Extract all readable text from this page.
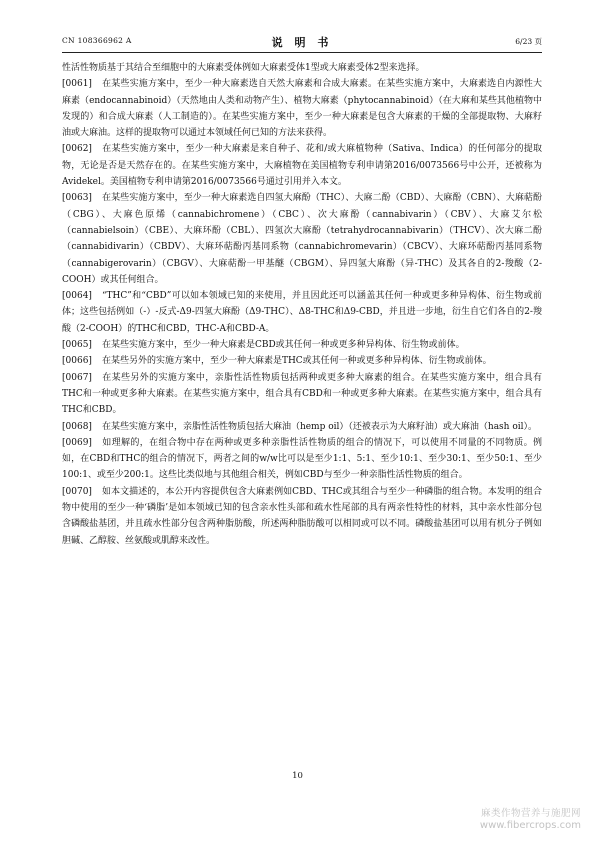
CN 108366962 A	说 明 书	6/23 页

性活性物质基于其结合至细胞中的大麻素受体例如大麻素受体1型或大麻素受体2型来选择。

[0061] 在某些实施方案中，至少一种大麻素选自天然大麻素和合成大麻素。在某些实施方案中，大麻素选自内源性大麻素（endocannabinoid）（天然地由人类和动物产生）、植物大麻素（phytocannabinoid）（在大麻和某些其他植物中发现的）和合成大麻素（人工制造的）。在某些实施方案中，至少一种大麻素是包含大麻素的干燥的全部提取物、大麻籽油或大麻油。这样的提取物可以通过本领域任何已知的方法来获得。

[0062] 在某些实施方案中，至少一种大麻素是来自种子、花和/或大麻植物种（Sativa、Indica）的任何部分的提取物，无论是否是天然存在的。在某些实施方案中，大麻植物在美国植物专利申请第2016/0073566号中公开，还被称为Avidekel。美国植物专利申请第2016/0073566号通过引用并入本文。

[0063] 在某些实施方案中，至少一种大麻素选自四氢大麻酚（THC）、大麻二酚（CBD）、大麻酚（CBN）、大麻萜酚（CBG）、大麻色原烯（cannabichromene）（CBC）、次大麻酚（cannabivarin）（CBV）、大麻艾尔松（cannabielsoin）（CBE）、大麻环酚（CBL）、四氢次大麻酚（tetrahydrocannabivarin）（THCV）、次大麻二酚（cannabidivarin）（CBDV）、大麻环萜酚丙基同系物（cannabichromevarin）（CBCV）、大麻环萜酚丙基同系物（cannabigerovarin）（CBGV）、大麻萜酚一甲基醚（CBGM）、异四氢大麻酚（异-THC）及其各自的2-羧酸（2-COOH）或其任何组合。

[0064] “THC”和“CBD”可以如本领域已知的来使用，并且因此还可以涵盖其任何一种或更多种异构体、衍生物或前体；这些包括例如（-）-反式-Δ9-四氢大麻酚（Δ9-THC）、Δ8-THC和Δ9-CBD，并且进一步地，衍生自它们各自的2-羧酸（2-COOH）的THC和CBD，THC-A和CBD-A。

[0065] 在某些实施方案中，至少一种大麻素是CBD或其任何一种或更多种异构体、衍生物或前体。

[0066] 在某些另外的实施方案中，至少一种大麻素是THC或其任何一种或更多种异构体、衍生物或前体。

[0067] 在某些另外的实施方案中，亲脂性活性物质包括两种或更多种大麻素的组合。在某些实施方案中，组合具有THC和一种或更多种大麻素。在某些实施方案中，组合具有CBD和一种或更多种大麻素。在某些实施方案中，组合具有THC和CBD。

[0068] 在某些实施方案中，亲脂性活性物质包括大麻油（hemp oil）（还被表示为大麻籽油）或大麻油（hash oil）。

[0069] 如理解的，在组合物中存在两种或更多种亲脂性活性物质的组合的情况下，可以使用不同量的不同物质。例如，在CBD和THC的组合的情况下，两者之间的w/w比可以是至少1:1、5:1、至少10:1、至少30:1、至少50:1、至少100:1、或至少200:1。这些比类似地与其他组合相关，例如CBD与至少一种亲脂性活性物质的组合。

[0070] 如本文描述的，本公开内容提供包含大麻素例如CBD、THC或其组合与至少一种磷脂的组合物。本发明的组合物中使用的至少一种‘磷脂’是如本领域已知的包含亲水性头部和疏水性尾部的具有两亲性特性的材料，其中亲水性部分包含磷酸盐基团，并且疏水性部分包含两种脂肪酸，所述两种脂肪酸可以相同或可以不同。磷酸盐基团可以用有机分子例如胆碱、乙醇胺、丝氨酸或肌醇来改性。

10
麻类作物营养与施肥网
www.fibercrops.com
